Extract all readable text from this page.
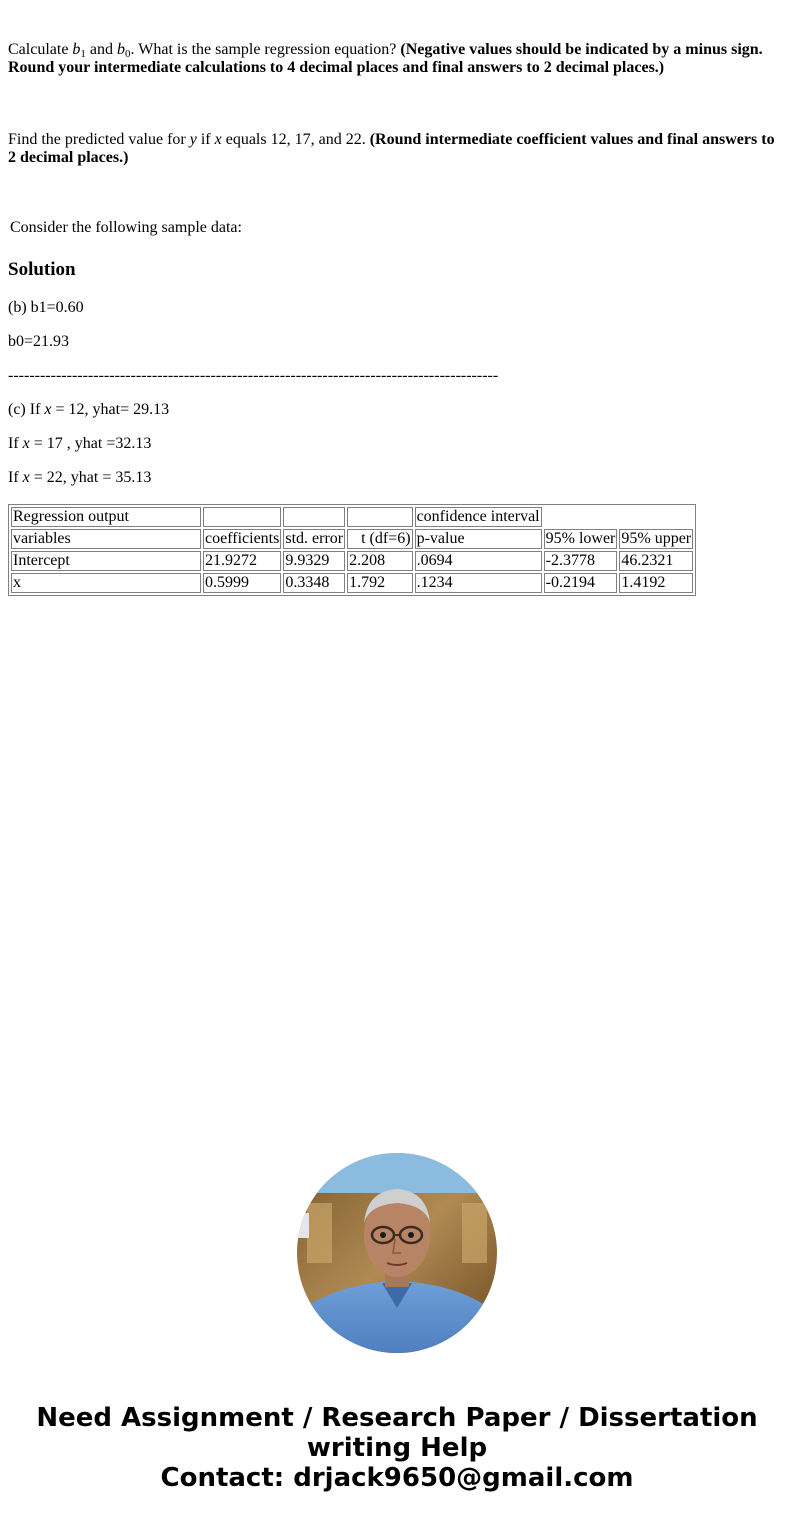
Calculate $b_1$ and $b_0$. What is the sample regression equation? (Negative values should be indicated by a minus sign. Round your intermediate calculations to 4 decimal places and final answers to 2 decimal places.)

Find the predicted value for y if x equals 12, 17, and 22. (Round intermediate coefficient values and final answers to 2 decimal places.)

Consider the following sample data:

Solution

(b) b1=0.60

b0=21.93

--------------------------------------------------------------------------------------------

(c) If x = 12, yhat= 29.13

If x = 17 , yhat =32.13

If x = 22, yhat = 35.13

Regression output				confidence interval		
variables	coefficients	std. error	t (df=6)	p-value	95% lower	95% upper
Intercept	21.9272	9.9329	2.208	.0694	-2.3778	46.2321
x	0.5999	0.3348	1.792	.1234	-0.2194	1.4192
Need Assignment / Research Paper / Dissertation
writing Help
Contact: drjack9650@gmail.com
